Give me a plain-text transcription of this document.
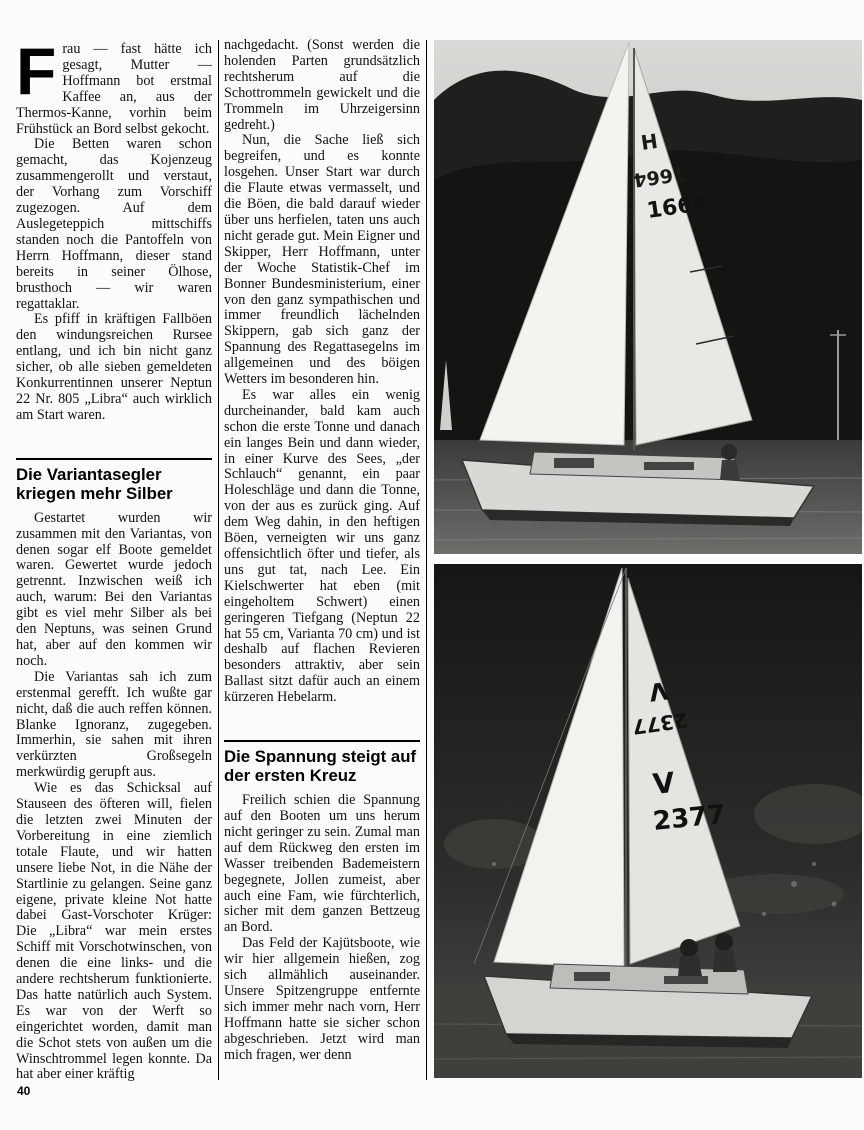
Frau — fast hätte ich gesagt, Mutter — Hoffmann bot erstmal Kaffee an, aus der Thermos-Kanne, vorhin beim Frühstück an Bord selbst gekocht.

Die Betten waren schon gemacht, das Kojenzeug zusammengerollt und verstaut, der Vorhang zum Vorschiff zugezogen. Auf dem Auslegeteppich mittschiffs standen noch die Pantoffeln von Herrn Hoffmann, dieser stand bereits in seiner Ölhose, brusthoch — wir waren regattaklar.

Es pfiff in kräftigen Fallböen den windungsreichen Rursee entlang, und ich bin nicht ganz sicher, ob alle sieben gemeldeten Konkurrentinnen unserer Neptun 22 Nr. 805 „Libra“ auch wirklich am Start waren.

Die Variantasegler kriegen mehr Silber

Gestartet wurden wir zusammen mit den Variantas, von denen sogar elf Boote gemeldet waren. Gewertet wurde jedoch getrennt. Inzwischen weiß ich auch, warum: Bei den Variantas gibt es viel mehr Silber als bei den Neptuns, was seinen Grund hat, aber auf den kommen wir noch.

Die Variantas sah ich zum erstenmal gerefft. Ich wußte gar nicht, daß die auch reffen können. Blanke Ignoranz, zugegeben. Immerhin, sie sahen mit ihren verkürzten Großsegeln merkwürdig gerupft aus.

Wie es das Schicksal auf Stauseen des öfteren will, fielen die letzten zwei Minuten der Vorbereitung in eine ziemlich totale Flaute, und wir hatten unsere liebe Not, in die Nähe der Startlinie zu gelangen. Seine ganz eigene, private kleine Not hatte dabei Gast-Vorschoter Krüger: Die „Libra“ war mein erstes Schiff mit Vorschotwinschen, von denen die eine links- und die andere rechtsherum funktionierte. Das hatte natürlich auch System. Es war von der Werft so eingerichtet worden, damit man die Schot stets von außen um die Winschtrommel legen konnte. Da hat aber einer kräftig

nachgedacht. (Sonst werden die holenden Parten grundsätzlich rechtsherum auf die Schottrommeln gewickelt und die Trommeln im Uhrzeigersinn gedreht.)

Nun, die Sache ließ sich begreifen, und es konnte losgehen. Unser Start war durch die Flaute etwas vermasselt, und die Böen, die bald darauf wieder über uns herfielen, taten uns auch nicht gerade gut. Mein Eigner und Skipper, Herr Hoffmann, unter der Woche Statistik-Chef im Bonner Bundesministerium, einer von den ganz sympathischen und immer freundlich lächelnden Skippern, gab sich ganz der Spannung des Regattasegelns im allgemeinen und des böigen Wetters im besonderen hin.

Es war alles ein wenig durcheinander, bald kam auch schon die erste Tonne und danach ein langes Bein und dann wieder, in einer Kurve des Sees, „der Schlauch“ genannt, ein paar Holeschläge und dann die Tonne, von der aus es zurück ging. Auf dem Weg dahin, in den heftigen Böen, verneigten wir uns ganz offensichtlich öfter und tiefer, als uns gut tat, nach Lee. Ein Kielschwerter hat eben (mit eingeholtem Schwert) einen geringeren Tiefgang (Neptun 22 hat 55 cm, Varianta 70 cm) und ist deshalb auf flachen Revieren besonders attraktiv, aber sein Ballast sitzt dafür auch an einem kürzeren Hebelarm.

Die Spannung steigt auf der ersten Kreuz

Freilich schien die Spannung auf den Booten um uns herum nicht geringer zu sein. Zumal man auf dem Rückweg den ersten im Wasser treibenden Bademeistern begegnete, Jollen zumeist, aber auch eine Fam, wie fürchterlich, sicher mit dem ganzen Bettzeug an Bord.

Das Feld der Kajütsboote, wie wir hier allgemein hießen, zog sich allmählich auseinander. Unsere Spitzengruppe entfernte sich immer mehr nach vorn, Herr Hoffmann hatte sie sicher schon abgeschrieben. Jetzt wird man mich fragen, wer denn

H
1664
1664
V
2377
V
2377
40
